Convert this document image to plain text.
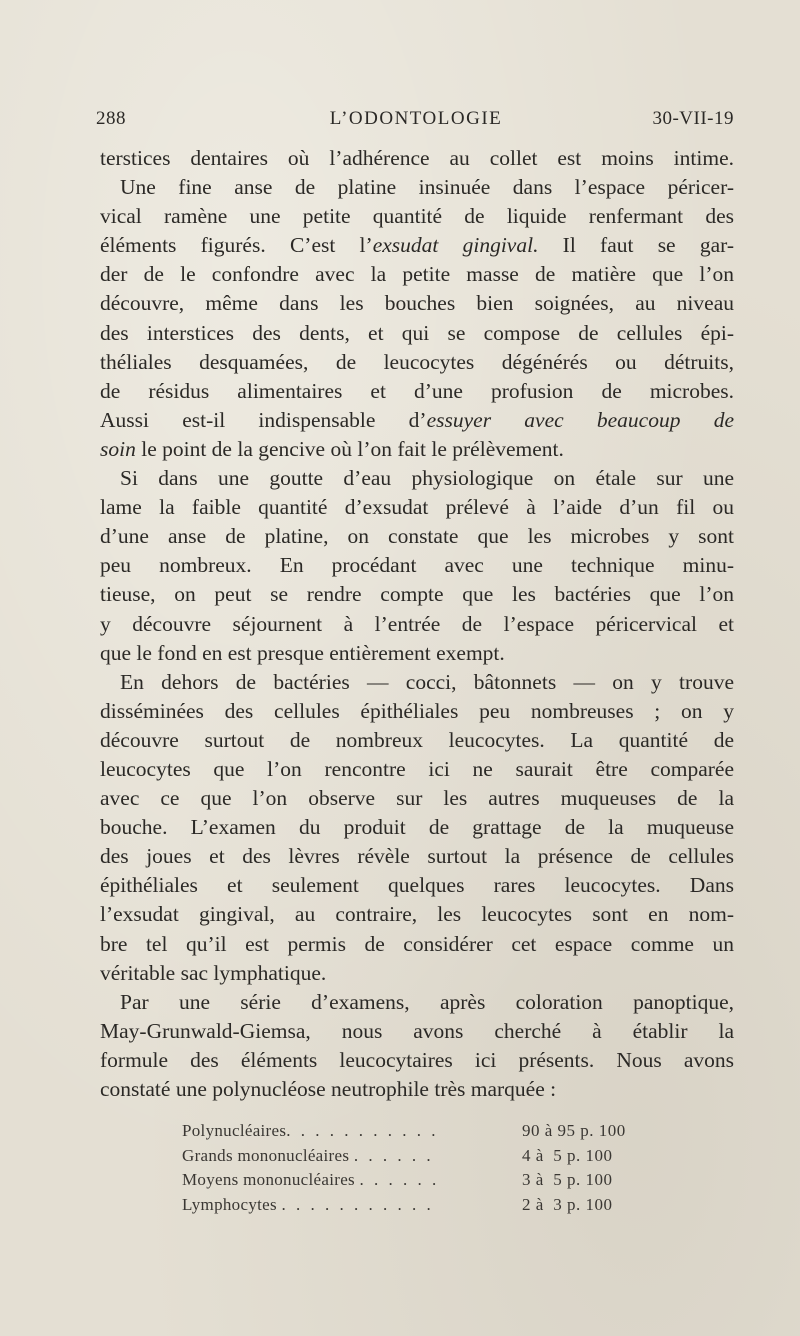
288	L’ODONTOLOGIE	30-VII-19
terstices dentaires où l’adhérence au collet est moins intime.
Une fine anse de platine insinuée dans l’espace péricer-
vical ramène une petite quantité de liquide renfermant des
éléments figurés. C’est l’exsudat gingival. Il faut se gar-
der de le confondre avec la petite masse de matière que l’on
découvre, même dans les bouches bien soignées, au niveau
des interstices des dents, et qui se compose de cellules épi-
théliales desquamées, de leucocytes dégénérés ou détruits,
de résidus alimentaires et d’une profusion de microbes.
Aussi est-il indispensable d’essuyer avec beaucoup de
soin le point de la gencive où l’on fait le prélèvement.
Si dans une goutte d’eau physiologique on étale sur une
lame la faible quantité d’exsudat prélevé à l’aide d’un fil ou
d’une anse de platine, on constate que les microbes y sont
peu nombreux. En procédant avec une technique minu-
tieuse, on peut se rendre compte que les bactéries que l’on
y découvre séjournent à l’entrée de l’espace péricervical et
que le fond en est presque entièrement exempt.
En dehors de bactéries — cocci, bâtonnets — on y trouve
disséminées des cellules épithéliales peu nombreuses ; on y
découvre surtout de nombreux leucocytes. La quantité de
leucocytes que l’on rencontre ici ne saurait être comparée
avec ce que l’on observe sur les autres muqueuses de la
bouche. L’examen du produit de grattage de la muqueuse
des joues et des lèvres révèle surtout la présence de cellules
épithéliales et seulement quelques rares leucocytes. Dans
l’exsudat gingival, au contraire, les leucocytes sont en nom-
bre tel qu’il est permis de considérer cet espace comme un
véritable sac lymphatique.
Par une série d’examens, après coloration panoptique,
May-Grunwald-Giemsa, nous avons cherché à établir la
formule des éléments leucocytaires ici présents. Nous avons
constaté une polynucléose neutrophile très marquée :
Polynucléaires. . . . . . . . . . .	90 à 95 p. 100
Grands mononucléaires . . . . . .	4 à  5 p. 100
Moyens mononucléaires . . . . . .	3 à  5 p. 100
Lymphocytes . . . . . . . . . . .	2 à  3 p. 100
